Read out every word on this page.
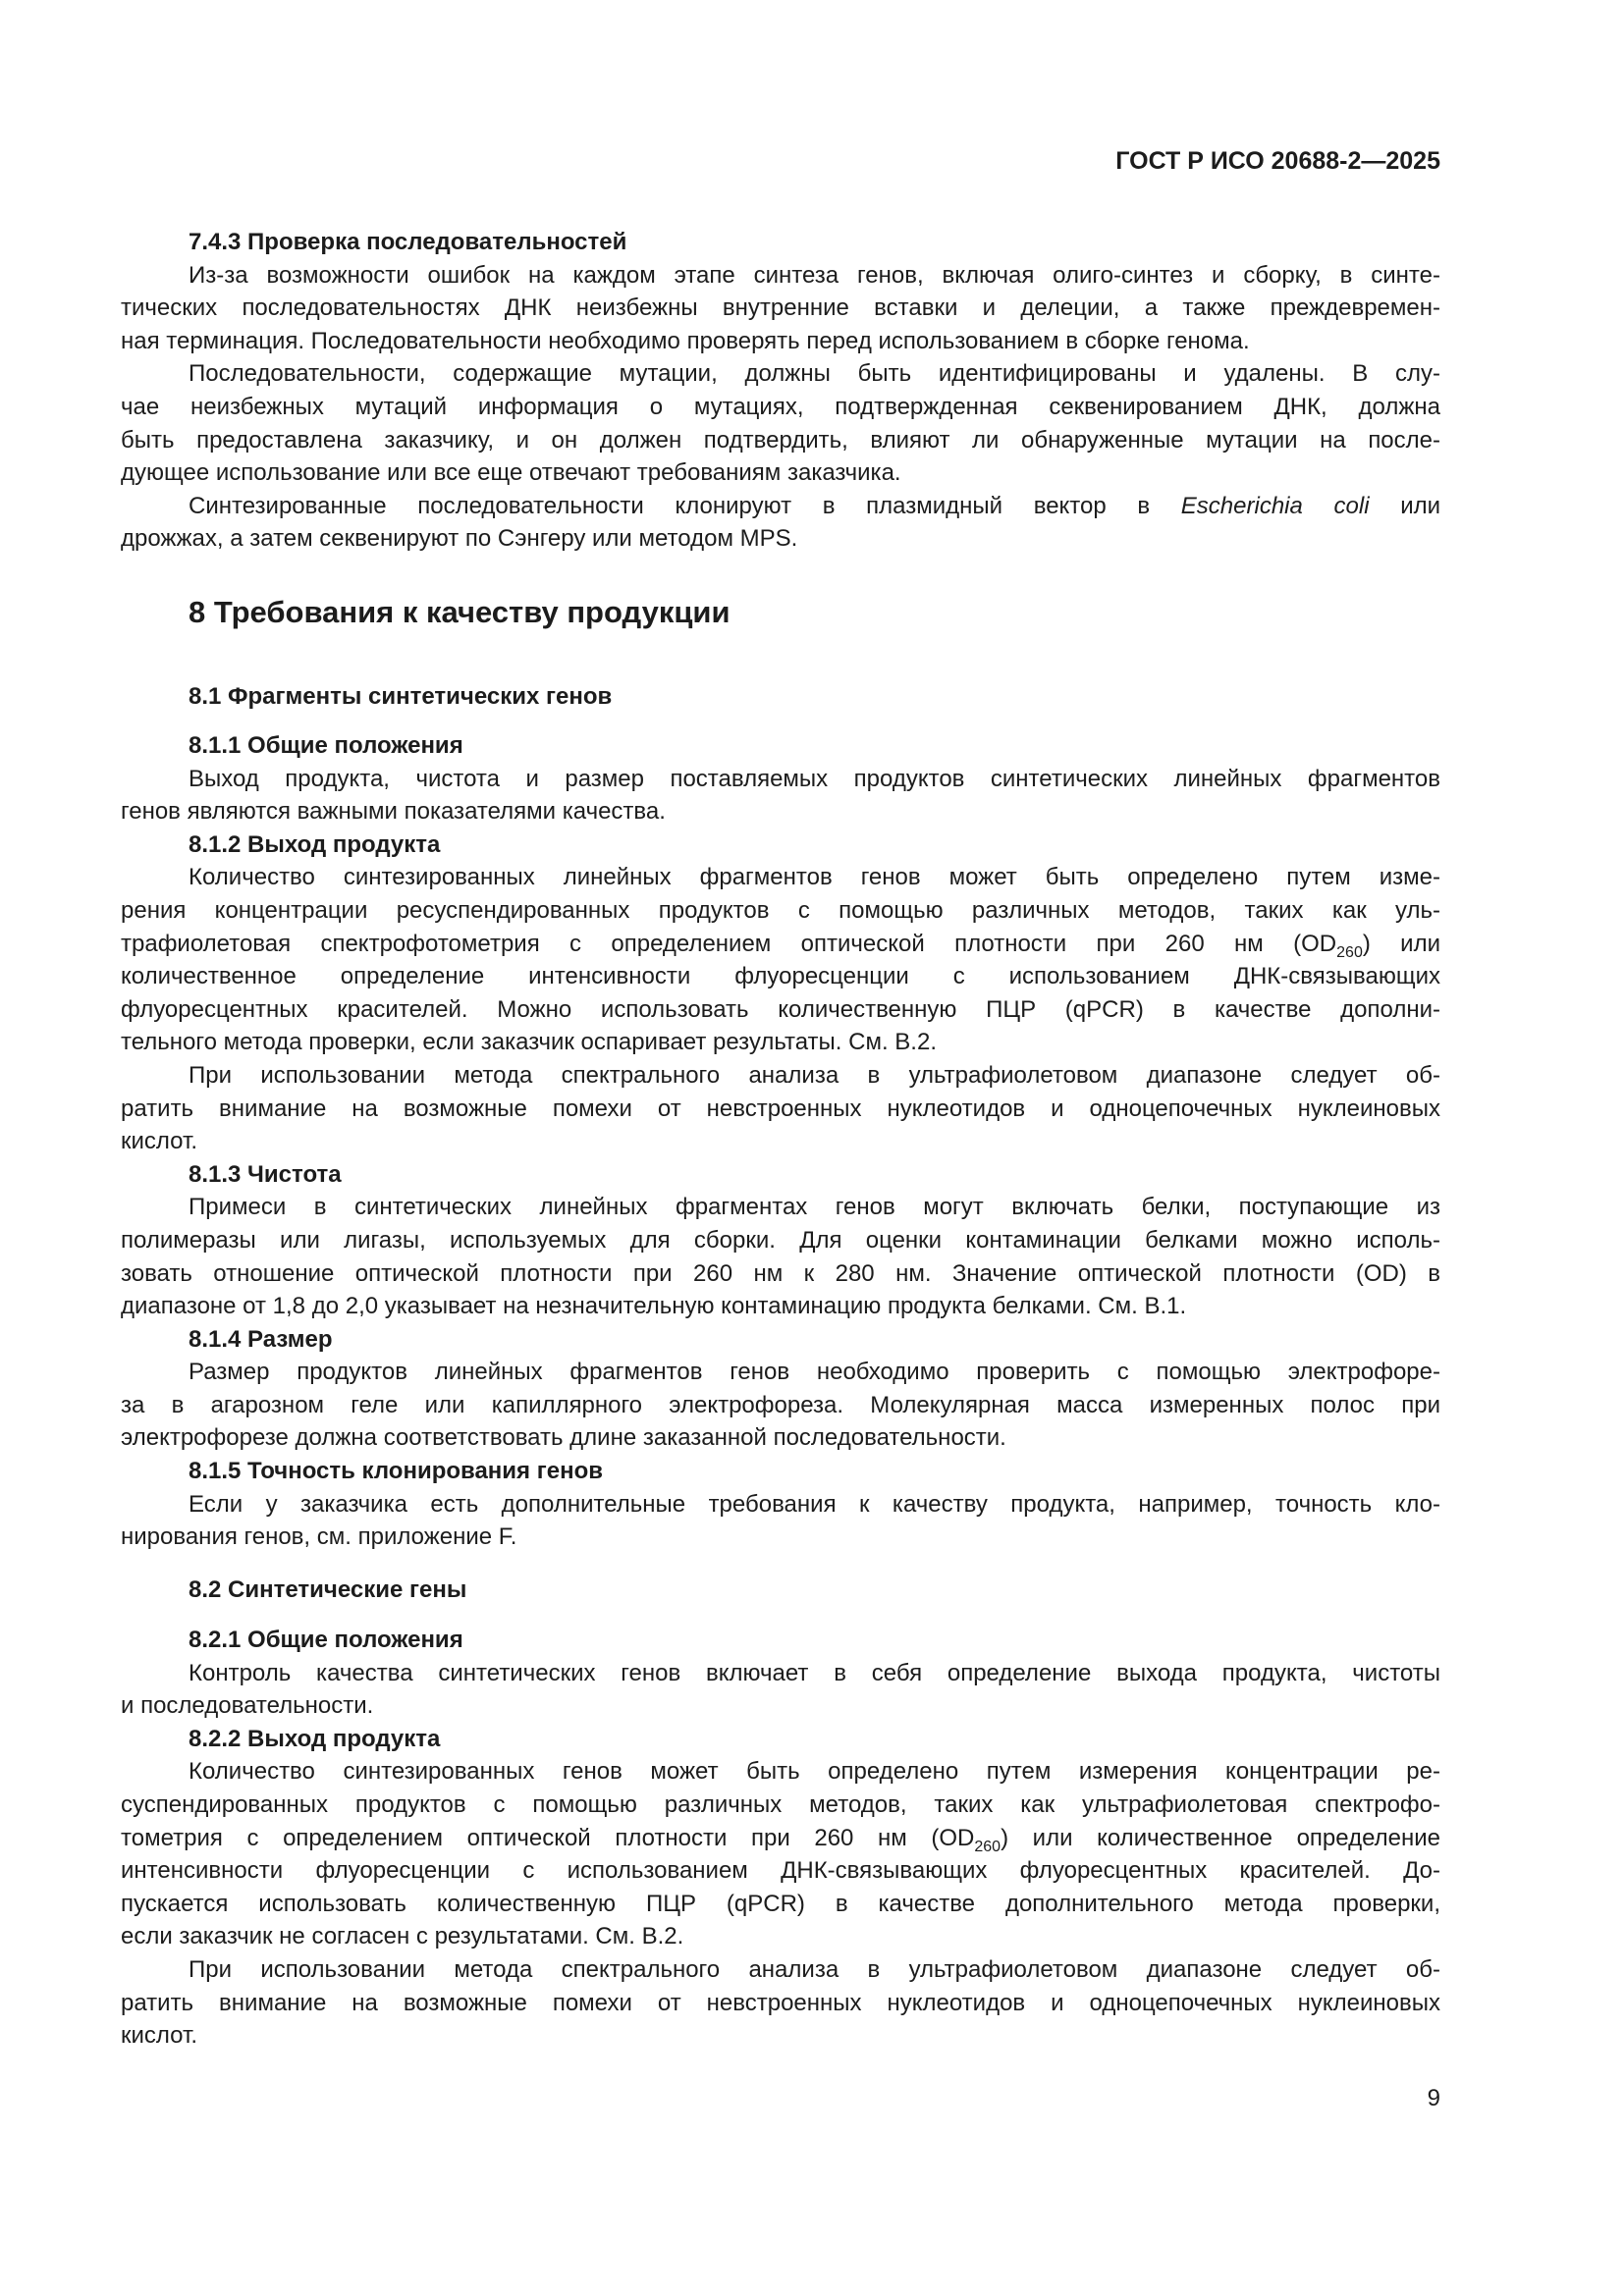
ГОСТ Р ИСО 20688-2—2025
7.4.3 Проверка последовательностей
Из-за возможности ошибок на каждом этапе синтеза генов, включая олиго-синтез и сборку, в синте-
тических последовательностях ДНК неизбежны внутренние вставки и делеции, а также преждевремен-
ная терминация. Последовательности необходимо проверять перед использованием в сборке генома.
Последовательности, содержащие мутации, должны быть идентифицированы и удалены. В слу-
чае неизбежных мутаций информация о мутациях, подтвержденная секвенированием ДНК, должна
быть предоставлена заказчику, и он должен подтвердить, влияют ли обнаруженные мутации на после-
дующее использование или все еще отвечают требованиям заказчика.
Синтезированные последовательности клонируют в плазмидный вектор в Escherichia coli или
дрожжах, а затем секвенируют по Сэнгеру или методом MPS.
8 Требования к качеству продукции
8.1 Фрагменты синтетических генов
8.1.1 Общие положения
Выход продукта, чистота и размер поставляемых продуктов синтетических линейных фрагментов
генов являются важными показателями качества.
8.1.2 Выход продукта
Количество синтезированных линейных фрагментов генов может быть определено путем изме-
рения концентрации ресуспендированных продуктов с помощью различных методов, таких как уль-
трафиолетовая спектрофотометрия с определением оптической плотности при 260 нм $(OD_{260})$ или
количественное определение интенсивности флуоресценции с использованием ДНК-связывающих
флуоресцентных красителей. Можно использовать количественную ПЦР (qPCR) в качестве дополни-
тельного метода проверки, если заказчик оспаривает результаты. См. B.2.
При использовании метода спектрального анализа в ультрафиолетовом диапазоне следует об-
ратить внимание на возможные помехи от невстроенных нуклеотидов и одноцепочечных нуклеиновых
кислот.
8.1.3 Чистота
Примеси в синтетических линейных фрагментах генов могут включать белки, поступающие из
полимеразы или лигазы, используемых для сборки. Для оценки контаминации белками можно исполь-
зовать отношение оптической плотности при 260 нм к 280 нм. Значение оптической плотности (OD) в
диапазоне от 1,8 до 2,0 указывает на незначительную контаминацию продукта белками. См. B.1.
8.1.4 Размер
Размер продуктов линейных фрагментов генов необходимо проверить с помощью электрофоре-
за в агарозном геле или капиллярного электрофореза. Молекулярная масса измеренных полос при
электрофорезе должна соответствовать длине заказанной последовательности.
8.1.5 Точность клонирования генов
Если у заказчика есть дополнительные требования к качеству продукта, например, точность кло-
нирования генов, см. приложение F.
8.2 Синтетические гены
8.2.1 Общие положения
Контроль качества синтетических генов включает в себя определение выхода продукта, чистоты
и последовательности.
8.2.2 Выход продукта
Количество синтезированных генов может быть определено путем измерения концентрации ре-
суспендированных продуктов с помощью различных методов, таких как ультрафиолетовая спектрофо-
тометрия с определением оптической плотности при 260 нм $(OD_{260})$ или количественное определение
интенсивности флуоресценции с использованием ДНК-связывающих флуоресцентных красителей. До-
пускается использовать количественную ПЦР (qPCR) в качестве дополнительного метода проверки,
если заказчик не согласен с результатами. См. B.2.
При использовании метода спектрального анализа в ультрафиолетовом диапазоне следует об-
ратить внимание на возможные помехи от невстроенных нуклеотидов и одноцепочечных нуклеиновых
кислот.
9
